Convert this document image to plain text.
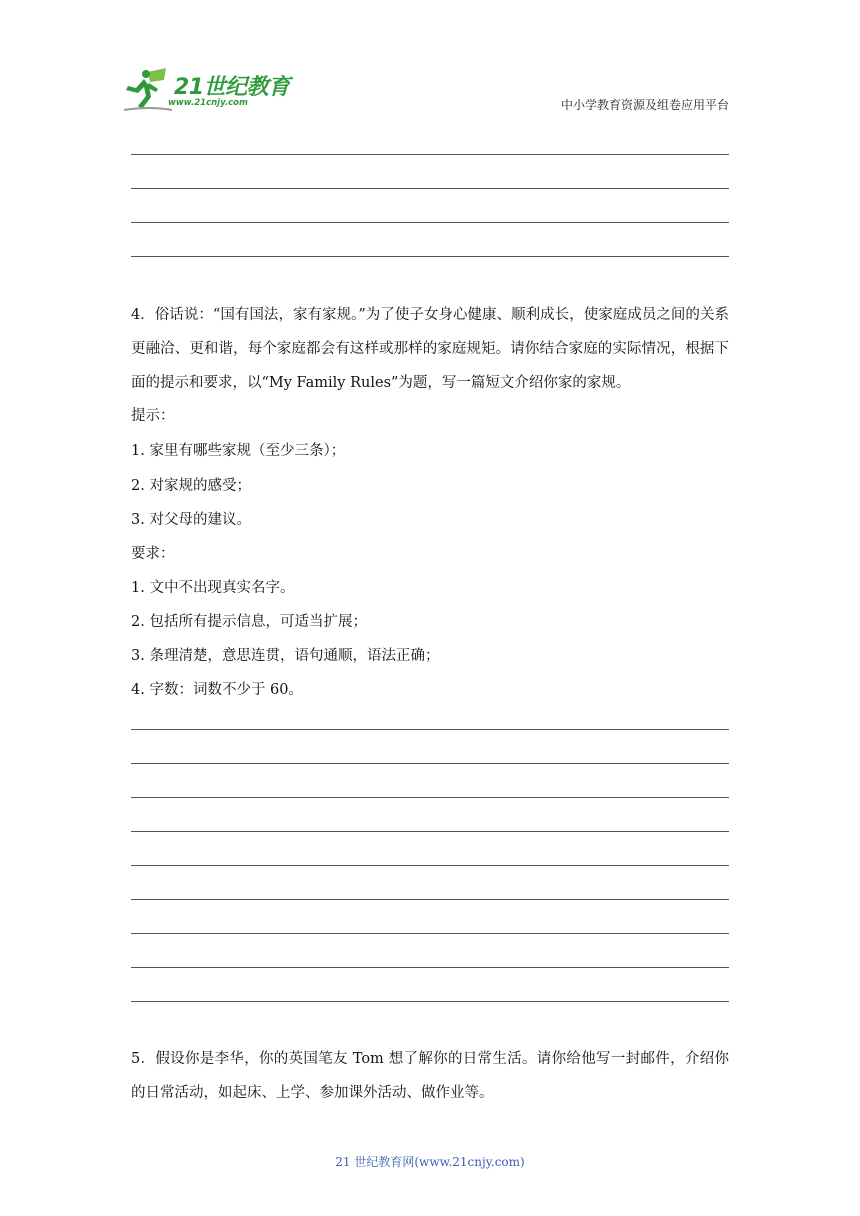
21世纪教育
www.21cnjy.com	中小学教育资源及组卷应用平台

4．俗话说：“国有国法，家有家规。”为了使子女身心健康、顺利成长，使家庭成员之间的关系更融洽、更和谐，每个家庭都会有这样或那样的家庭规矩。请你结合家庭的实际情况，根据下面的提示和要求，以“My Family Rules”为题，写一篇短文介绍你家的家规。

提示：

1. 家里有哪些家规（至少三条）；

2. 对家规的感受；

3. 对父母的建议。

要求：

1. 文中不出现真实名字。

2. 包括所有提示信息，可适当扩展；

3. 条理清楚，意思连贯，语句通顺，语法正确；

4. 字数：词数不少于 60。

5．假设你是李华，你的英国笔友 Tom 想了解你的日常生活。请你给他写一封邮件，介绍你的日常活动，如起床、上学、参加课外活动、做作业等。

21 世纪教育网(www.21cnjy.com)
